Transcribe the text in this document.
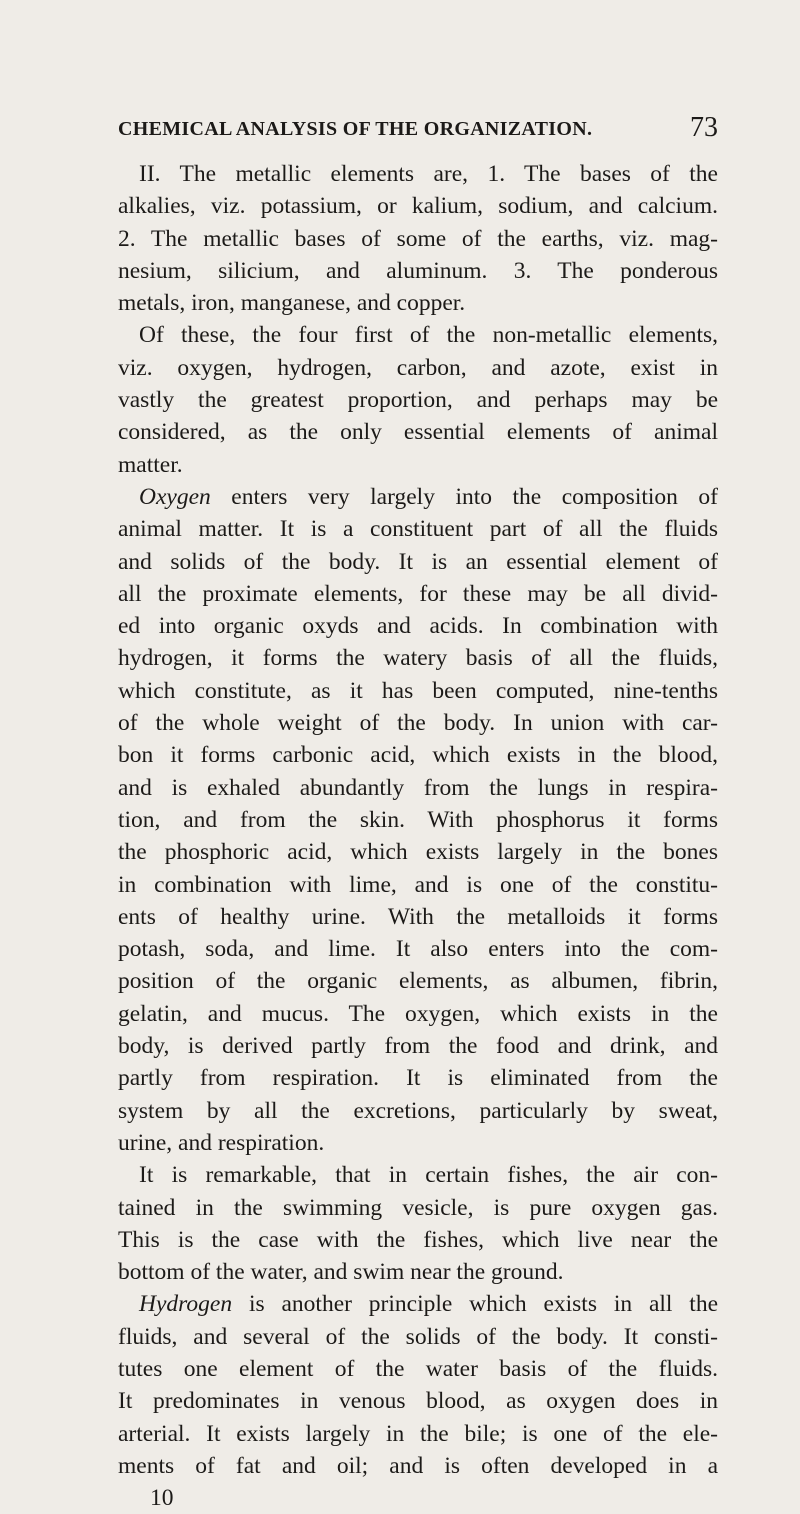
CHEMICAL ANALYSIS OF THE ORGANIZATION.	73
II. The metallic elements are, 1. The bases of the
alkalies, viz. potassium, or kalium, sodium, and calcium.
2. The metallic bases of some of the earths, viz. mag-
nesium, silicium, and aluminum. 3. The ponderous
metals, iron, manganese, and copper.
Of these, the four first of the non-metallic elements,
viz. oxygen, hydrogen, carbon, and azote, exist in
vastly the greatest proportion, and perhaps may be
considered, as the only essential elements of animal
matter.
Oxygen enters very largely into the composition of
animal matter. It is a constituent part of all the fluids
and solids of the body. It is an essential element of
all the proximate elements, for these may be all divid-
ed into organic oxyds and acids. In combination with
hydrogen, it forms the watery basis of all the fluids,
which constitute, as it has been computed, nine-tenths
of the whole weight of the body. In union with car-
bon it forms carbonic acid, which exists in the blood,
and is exhaled abundantly from the lungs in respira-
tion, and from the skin. With phosphorus it forms
the phosphoric acid, which exists largely in the bones
in combination with lime, and is one of the constitu-
ents of healthy urine. With the metalloids it forms
potash, soda, and lime. It also enters into the com-
position of the organic elements, as albumen, fibrin,
gelatin, and mucus. The oxygen, which exists in the
body, is derived partly from the food and drink, and
partly from respiration. It is eliminated from the
system by all the excretions, particularly by sweat,
urine, and respiration.
It is remarkable, that in certain fishes, the air con-
tained in the swimming vesicle, is pure oxygen gas.
This is the case with the fishes, which live near the
bottom of the water, and swim near the ground.
Hydrogen is another principle which exists in all the
fluids, and several of the solids of the body. It consti-
tutes one element of the water basis of the fluids.
It predominates in venous blood, as oxygen does in
arterial. It exists largely in the bile; is one of the ele-
ments of fat and oil; and is often developed in a
10
